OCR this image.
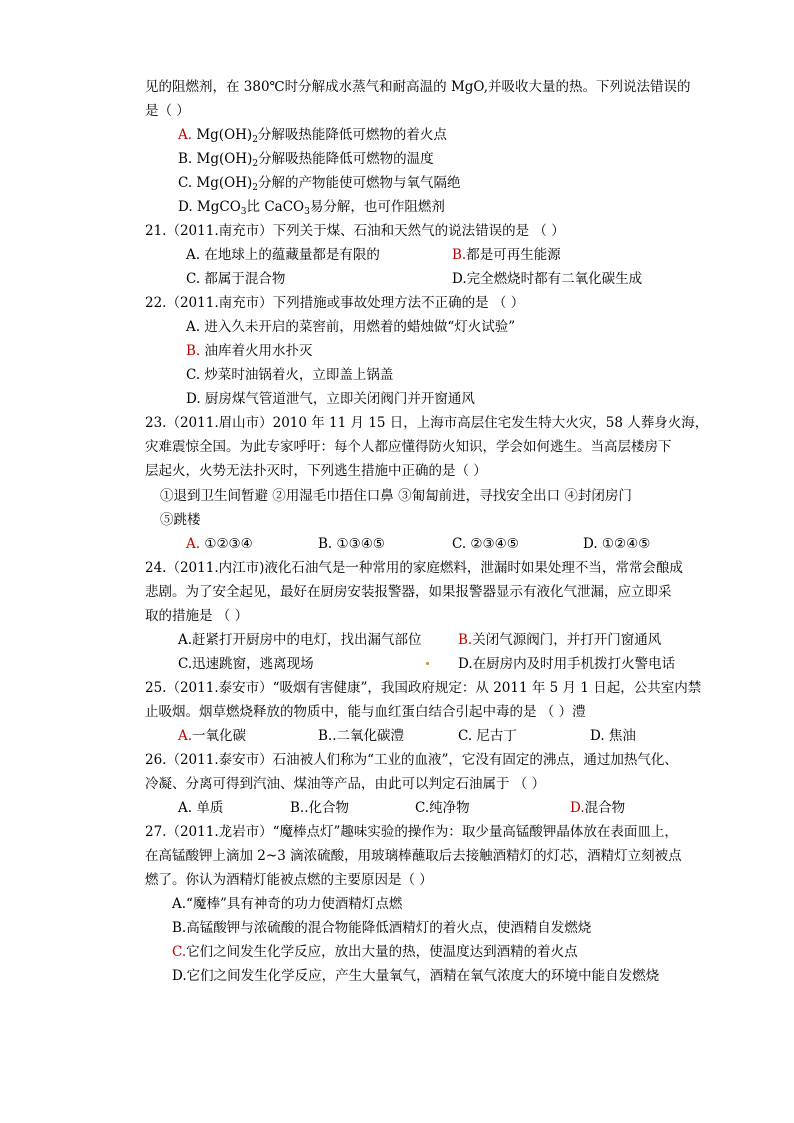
见的阻燃剂，在 380℃时分解成水蒸气和耐高温的 MgO,并吸收大量的热。下列说法错误的
是（ ）
A. $Mg(OH)_2$分解吸热能降低可燃物的着火点
B. $Mg(OH)_2$分解吸热能降低可燃物的温度
C. $Mg(OH)_2$分解的产物能使可燃物与氧气隔绝
D. MgCO$_3$比 CaCO$_3$易分解，也可作阻燃剂
21.（2011.南充市）下列关于煤、石油和天然气的说法错误的是 （ ）
A. 在地球上的蕴藏量都是有限的	B.都是可再生能源
C. 都属于混合物	D.完全燃烧时都有二氧化碳生成
22.（2011.南充市）下列措施或事故处理方法不正确的是 （ ）
A. 进入久未开启的菜窖前，用燃着的蜡烛做“灯火试验”
B. 油库着火用水扑灭
C. 炒菜时油锅着火，立即盖上锅盖
D. 厨房煤气管道泄气，立即关闭阀门并开窗通风
23.（2011.眉山市）2010 年 11 月 15 日，上海市高层住宅发生特大火灾，58 人葬身火海，
灾难震惊全国。为此专家呼吁：每个人都应懂得防火知识，学会如何逃生。当高层楼房下
层起火，火势无法扑灭时，下列逃生措施中正确的是（ ）
①退到卫生间暂避 ②用湿毛巾捂住口鼻 ③匍匐前进，寻找安全出口 ④封闭房门
⑤跳楼
A. ①②③④	B. ①③④⑤	C. ②③④⑤	D. ①②④⑤
24.（2011.内江市)液化石油气是一种常用的家庭燃料，泄漏时如果处理不当，常常会酿成
悲剧。为了安全起见，最好在厨房安装报警器，如果报警器显示有液化气泄漏，应立即采
取的措施是 （ ）
A.赶紧打开厨房中的电灯，找出漏气部位	B.关闭气源阀门，并打开门窗通风
C.迅速跳窗，逃离现场	D.在厨房内及时用手机拨打火警电话
25.（2011.泰安市）“吸烟有害健康”，我国政府规定：从 2011 年 5 月 1 日起，公共室内禁
止吸烟。烟草燃烧释放的物质中，能与血红蛋白结合引起中毒的是 （ ）澧
A.一氧化碳	B..二氧化碳澧	C. 尼古丁	D. 焦油
26.（2011.泰安市）石油被人们称为“工业的血液”，它没有固定的沸点，通过加热气化、
冷凝、分离可得到汽油、煤油等产品，由此可以判定石油属于 （ ）
A. 单质	B..化合物	C.纯净物	D.混合物
27.（2011.龙岩市）“魔棒点灯”趣味实验的操作为：取少量高锰酸钾晶体放在表面皿上，
在高锰酸钾上滴加 2~3 滴浓硫酸，用玻璃棒蘸取后去接触酒精灯的灯芯，酒精灯立刻被点
燃了。你认为酒精灯能被点燃的主要原因是（ ）
A.“魔棒”具有神奇的功力使酒精灯点燃
B.高锰酸钾与浓硫酸的混合物能降低酒精灯的着火点，使酒精自发燃烧
C.它们之间发生化学反应，放出大量的热，使温度达到酒精的着火点
D.它们之间发生化学反应，产生大量氧气，酒精在氧气浓度大的环境中能自发燃烧
